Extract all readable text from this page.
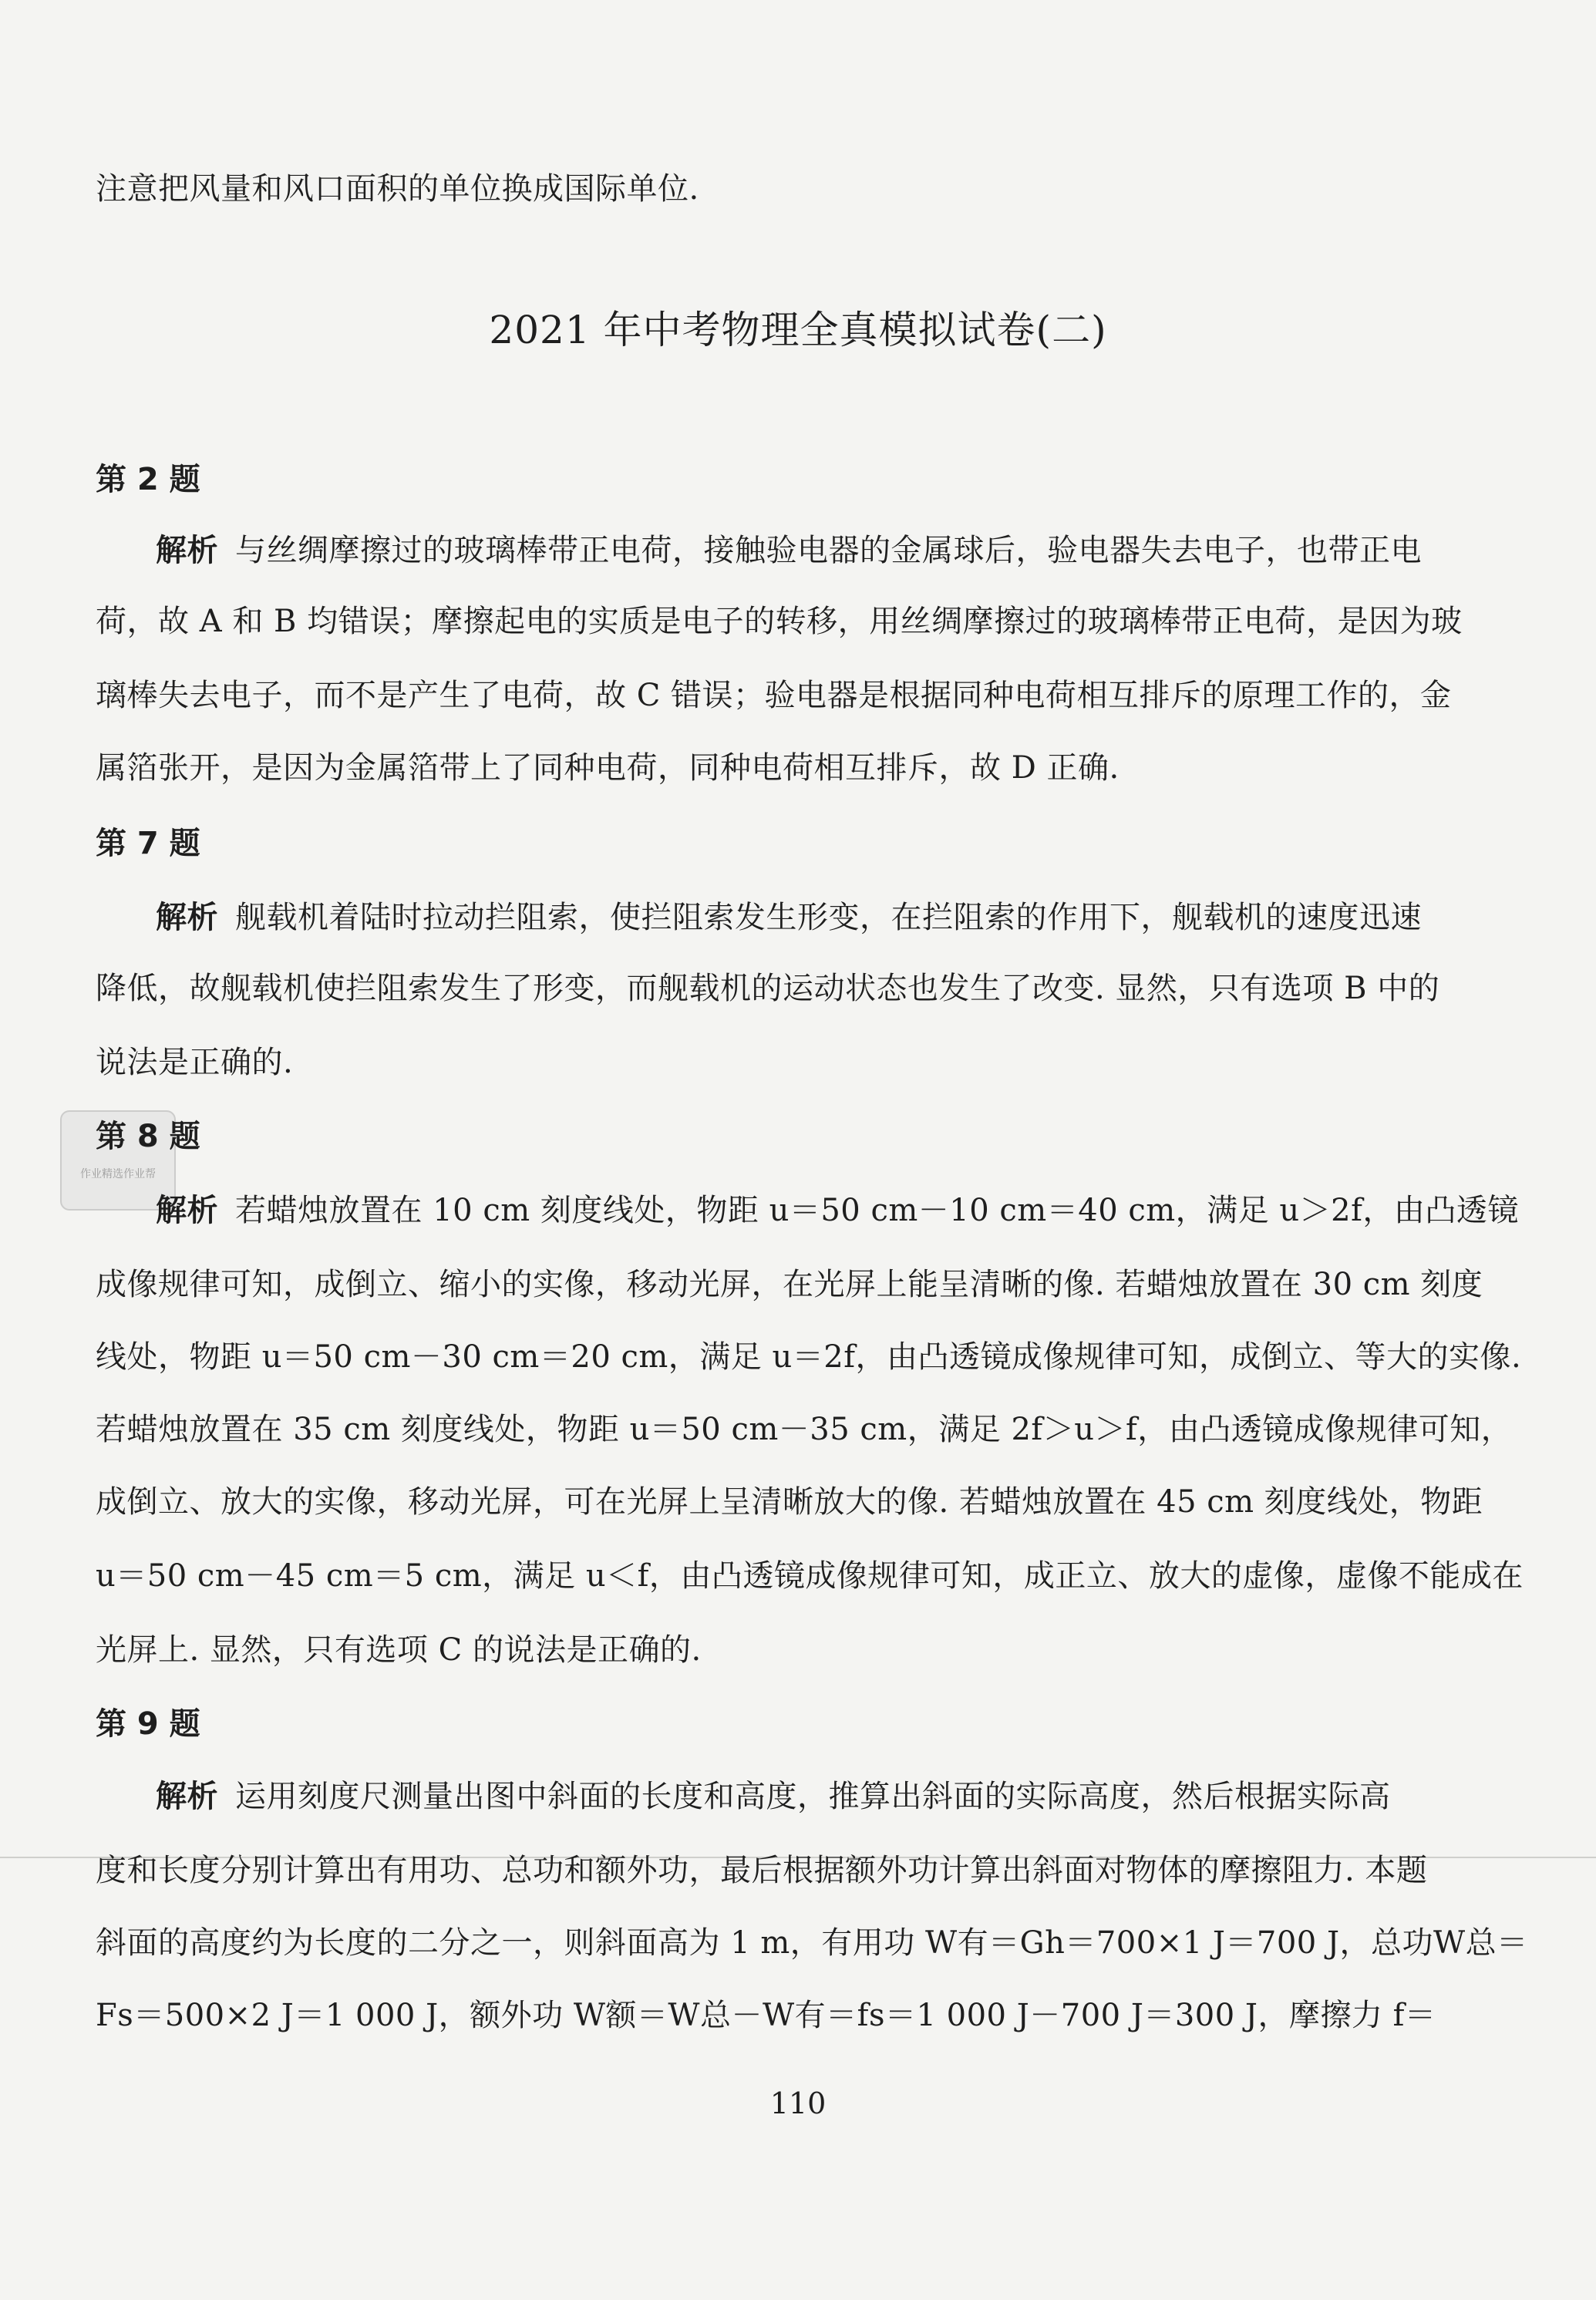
注意把风量和风口面积的单位换成国际单位.
2021 年中考物理全真模拟试卷(二)
第 2 题
解析 与丝绸摩擦过的玻璃棒带正电荷，接触验电器的金属球后，验电器失去电子，也带正电
荷，故 A 和 B 均错误；摩擦起电的实质是电子的转移，用丝绸摩擦过的玻璃棒带正电荷，是因为玻
璃棒失去电子，而不是产生了电荷，故 C 错误；验电器是根据同种电荷相互排斥的原理工作的，金
属箔张开，是因为金属箔带上了同种电荷，同种电荷相互排斥，故 D 正确.
第 7 题
解析 舰载机着陆时拉动拦阻索，使拦阻索发生形变，在拦阻索的作用下，舰载机的速度迅速
降低，故舰载机使拦阻索发生了形变，而舰载机的运动状态也发生了改变. 显然，只有选项 B 中的
说法是正确的.
作业精选作业帮
第 8 题
解析 若蜡烛放置在 10 cm 刻度线处，物距 u＝50 cm－10 cm＝40 cm，满足 u＞2f，由凸透镜
成像规律可知，成倒立、缩小的实像，移动光屏，在光屏上能呈清晰的像. 若蜡烛放置在 30 cm 刻度
线处，物距 u＝50 cm－30 cm＝20 cm，满足 u＝2f，由凸透镜成像规律可知，成倒立、等大的实像.
若蜡烛放置在 35 cm 刻度线处，物距 u＝50 cm－35 cm，满足 2f＞u＞f，由凸透镜成像规律可知，
成倒立、放大的实像，移动光屏，可在光屏上呈清晰放大的像. 若蜡烛放置在 45 cm 刻度线处，物距
u＝50 cm－45 cm＝5 cm，满足 u＜f，由凸透镜成像规律可知，成正立、放大的虚像，虚像不能成在
光屏上. 显然，只有选项 C 的说法是正确的.
第 9 题
解析 运用刻度尺测量出图中斜面的长度和高度，推算出斜面的实际高度，然后根据实际高
度和长度分别计算出有用功、总功和额外功，最后根据额外功计算出斜面对物体的摩擦阻力. 本题
斜面的高度约为长度的二分之一，则斜面高为 1 m，有用功 W有＝Gh＝700×1 J＝700 J，总功W总＝
Fs＝500×2 J＝1 000 J，额外功 W额＝W总－W有＝fs＝1 000 J－700 J＝300 J，摩擦力 f＝
110
